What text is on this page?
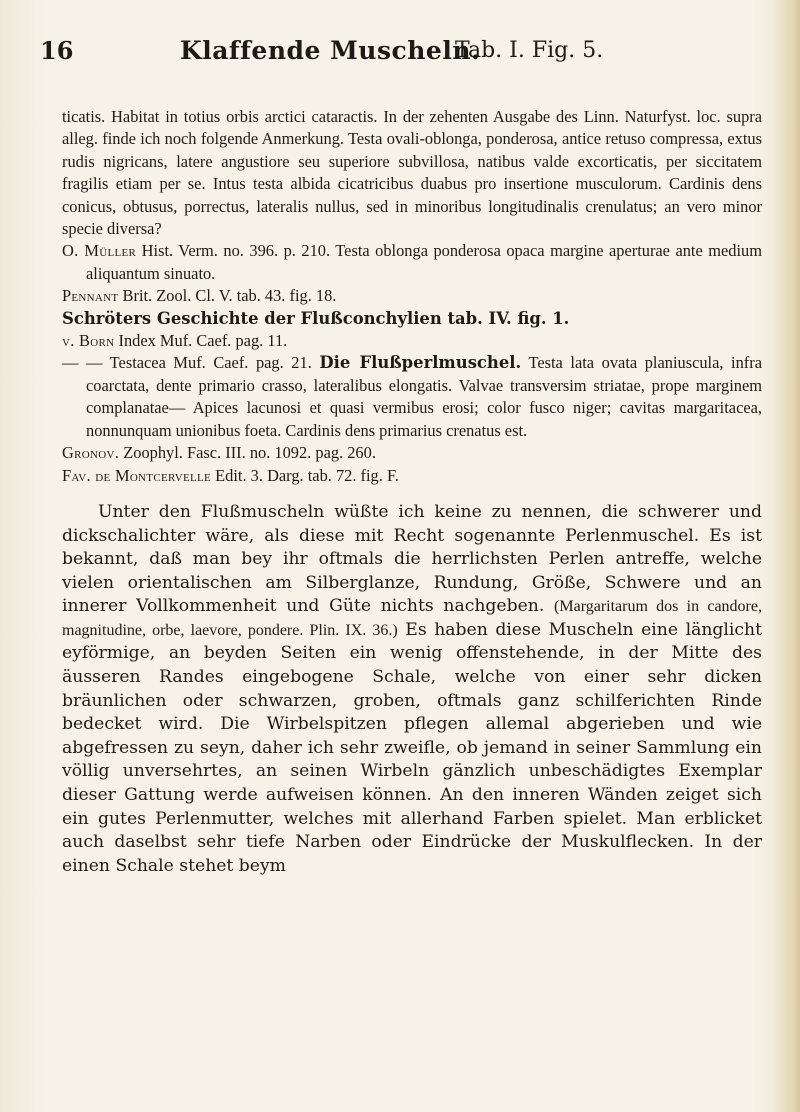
16	Klaffende Muscheln.
Tab. I. Fig. 5.

ticatis. Habitat in totius orbis arctici cataractis. In der zehenten Ausgabe des Linn. Naturfyst. loc. supra alleg. finde ich noch folgende Anmerkung. Testa ovali-oblonga, ponderosa, antice retuso compressa, extus rudis nigricans, latere angustiore seu superiore subvillosa, natibus valde excorticatis, per siccitatem fragilis etiam per se. Intus testa albida cicatricibus duabus pro insertione musculorum. Cardinis dens conicus, obtusus, porrectus, lateralis nullus, sed in minoribus longitudinalis crenulatus; an vero minor specie diversa?

O. Müller Hist. Verm. no. 396. p. 210. Testa oblonga ponderosa opaca margine aperturae ante medium aliquantum sinuato.

Pennant Brit. Zool. Cl. V. tab. 43. fig. 18.

Schröters Geschichte der Flußconchylien tab. IV. fig. 1.

v. Born Index Muf. Caef. pag. 11.

— — Testacea Muf. Caef. pag. 21. Die Flußperlmuschel. Testa lata ovata planiuscula, infra coarctata, dente primario crasso, lateralibus elongatis. Valvae transversim striatae, prope marginem complanatae— Apices lacunosi et quasi vermibus erosi; color fusco niger; cavitas margaritacea, nonnunquam unionibus foeta. Cardinis dens primarius crenatus est.

Gronov. Zoophyl. Fasc. III. no. 1092. pag. 260.

Fav. de Montcervelle Edit. 3. Darg. tab. 72. fig. F.

Unter den Flußmuscheln wüßte ich keine zu nennen, die schwerer und dickschalichter wäre, als diese mit Recht sogenannte Perlenmuschel. Es ist bekannt, daß man bey ihr oftmals die herrlichsten Perlen antreffe, welche vielen orientalischen am Silberglanze, Rundung, Größe, Schwere und an innerer Vollkommenheit und Güte nichts nachgeben. (Margaritarum dos in candore, magnitudine, orbe, laevore, pondere. Plin. IX. 36.) Es haben diese Muscheln eine länglicht eyförmige, an beyden Seiten ein wenig offenstehende, in der Mitte des äusseren Randes eingebogene Schale, welche von einer sehr dicken bräunlichen oder schwarzen, groben, oftmals ganz schilferichten Rinde bedecket wird. Die Wirbelspitzen pflegen allemal abgerieben und wie abgefressen zu seyn, daher ich sehr zweifle, ob jemand in seiner Sammlung ein völlig unversehrtes, an seinen Wirbeln gänzlich unbeschädigtes Exemplar dieser Gattung werde aufweisen können. An den inneren Wänden zeiget sich ein gutes Perlenmutter, welches mit allerhand Farben spielet. Man erblicket auch daselbst sehr tiefe Narben oder Eindrücke der Muskulflecken. In der einen Schale stehet beym
